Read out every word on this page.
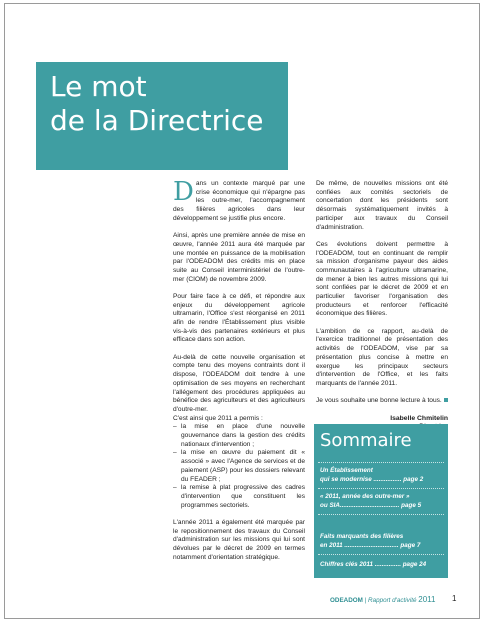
Le mot
de la Directrice

Dans un contexte marqué par une crise économique qui n'épargne pas les outre-mer, l'accompagnement des filières agricoles dans leur développement se justifie plus encore.

Ainsi, après une première année de mise en œuvre, l'année 2011 aura été marquée par une montée en puissance de la mobilisation par l'ODEADOM des crédits mis en place suite au Conseil interministériel de l'outre-mer (CIOM) de novembre 2009.

Pour faire face à ce défi, et répondre aux enjeux du développement agricole ultramarin, l'Office s'est réorganisé en 2011 afin de rendre l'Établissement plus visible vis-à-vis des partenaires extérieurs et plus efficace dans son action.

Au-delà de cette nouvelle organisation et compte tenu des moyens contraints dont il dispose, l'ODEADOM doit tendre à une optimisation de ses moyens en recherchant l'allégement des procédures appliquées au bénéfice des agriculteurs et des agriculteurs d'outre-mer.

C'est ainsi que 2011 a permis :

– la mise en place d'une nouvelle gouvernance dans la gestion des crédits nationaux d'intervention ;
– la mise en œuvre du paiement dit « associé » avec l'Agence de services et de paiement (ASP) pour les dossiers relevant du FEADER ;
– la remise à plat progressive des cadres d'intervention que constituent les programmes sectoriels.

L'année 2011 a également été marquée par le repositionnement des travaux du Conseil d'administration sur les missions qui lui sont dévolues par le décret de 2009 en termes notamment d'orientation stratégique.

De même, de nouvelles missions ont été confiées aux comités sectoriels de concertation dont les présidents sont désormais systématiquement invités à participer aux travaux du Conseil d'administration.

Ces évolutions doivent permettre à l'ODEADOM, tout en continuant de remplir sa mission d'organisme payeur des aides communautaires à l'agriculture ultramarine, de mener à bien les autres missions qui lui sont confiées par le décret de 2009 et en particulier favoriser l'organisation des producteurs et renforcer l'efficacité économique des filières.

L'ambition de ce rapport, au-delà de l'exercice traditionnel de présentation des activités de l'ODEADOM, vise par sa présentation plus concise à mettre en exergue les principaux secteurs d'intervention de l'Office, et les faits marquants de l'année 2011.

Je vous souhaite une bonne lecture à tous.

Isabelle Chmitelin
Sommaire
Un Établissement
qui se modernise ................ page 2
« 2011, année des outre-mer »
ou SIA.................................. page 5
Faits marquants des filières
en 2011 ............................... page 7
Chiffres clés 2011 ............... page 24
ODEADOM | Rapport d'activité 2011 1
